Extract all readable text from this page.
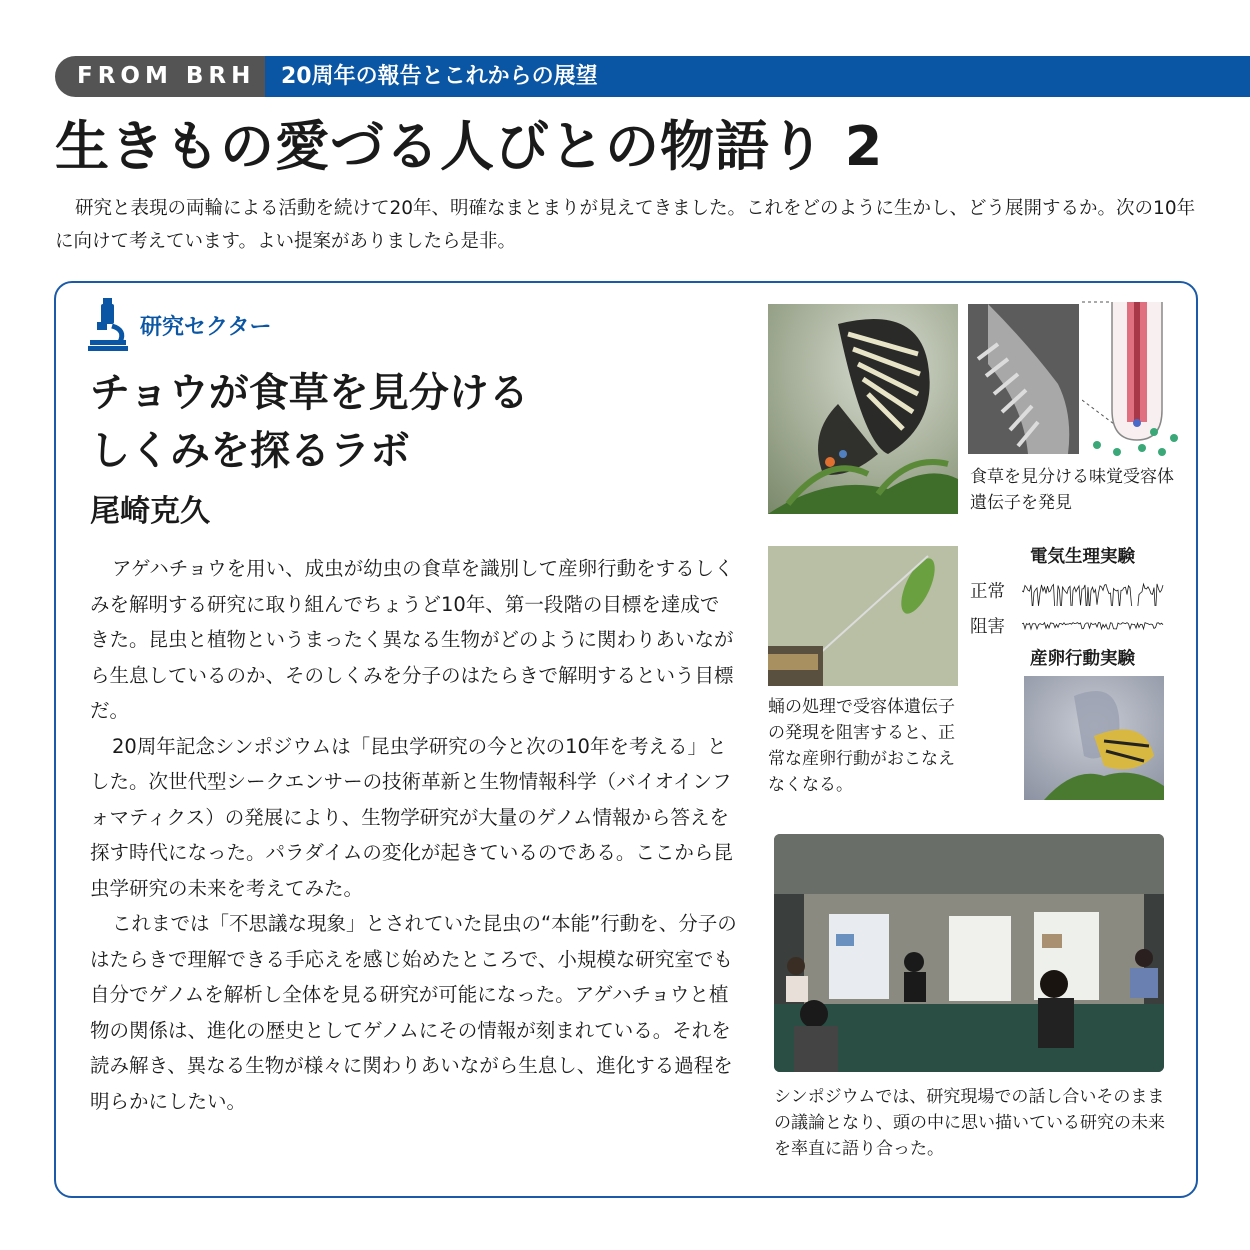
FROM BRH	20周年の報告とこれからの展望
生きもの愛づる人びとの物語り 2

研究と表現の両輪による活動を続けて20年、明確なまとまりが見えてきました。これをどのように生かし、どう展開するか。次の10年に向けて考えています。よい提案がありましたら是非。

研究セクター
チョウが食草を見分ける
しくみを探るラボ
尾崎克久

アゲハチョウを用い、成虫が幼虫の食草を識別して産卵行動をするしくみを解明する研究に取り組んでちょうど10年、第一段階の目標を達成できた。昆虫と植物というまったく異なる生物がどのように関わりあいながら生息しているのか、そのしくみを分子のはたらきで解明するという目標だ。

20周年記念シンポジウムは「昆虫学研究の今と次の10年を考える」とした。次世代型シークエンサーの技術革新と生物情報科学（バイオインフォマティクス）の発展により、生物学研究が大量のゲノム情報から答えを探す時代になった。パラダイムの変化が起きているのである。ここから昆虫学研究の未来を考えてみた。

これまでは「不思議な現象」とされていた昆虫の“本能”行動を、分子のはたらきで理解できる手応えを感じ始めたところで、小規模な研究室でも自分でゲノムを解析し全体を見る研究が可能になった。アゲハチョウと植物の関係は、進化の歴史としてゲノムにその情報が刻まれている。それを読み解き、異なる生物が様々に関わりあいながら生息し、進化する過程を明らかにしたい。

食草を見分ける味覚受容体遺伝子を発見
蛹の処理で受容体遺伝子の発現を阻害すると、正常な産卵行動がおこなえなくなる。
電気生理実験
正常
阻害
産卵行動実験
シンポジウムでは、研究現場での話し合いそのままの議論となり、頭の中に思い描いている研究の未来を率直に語り合った。
